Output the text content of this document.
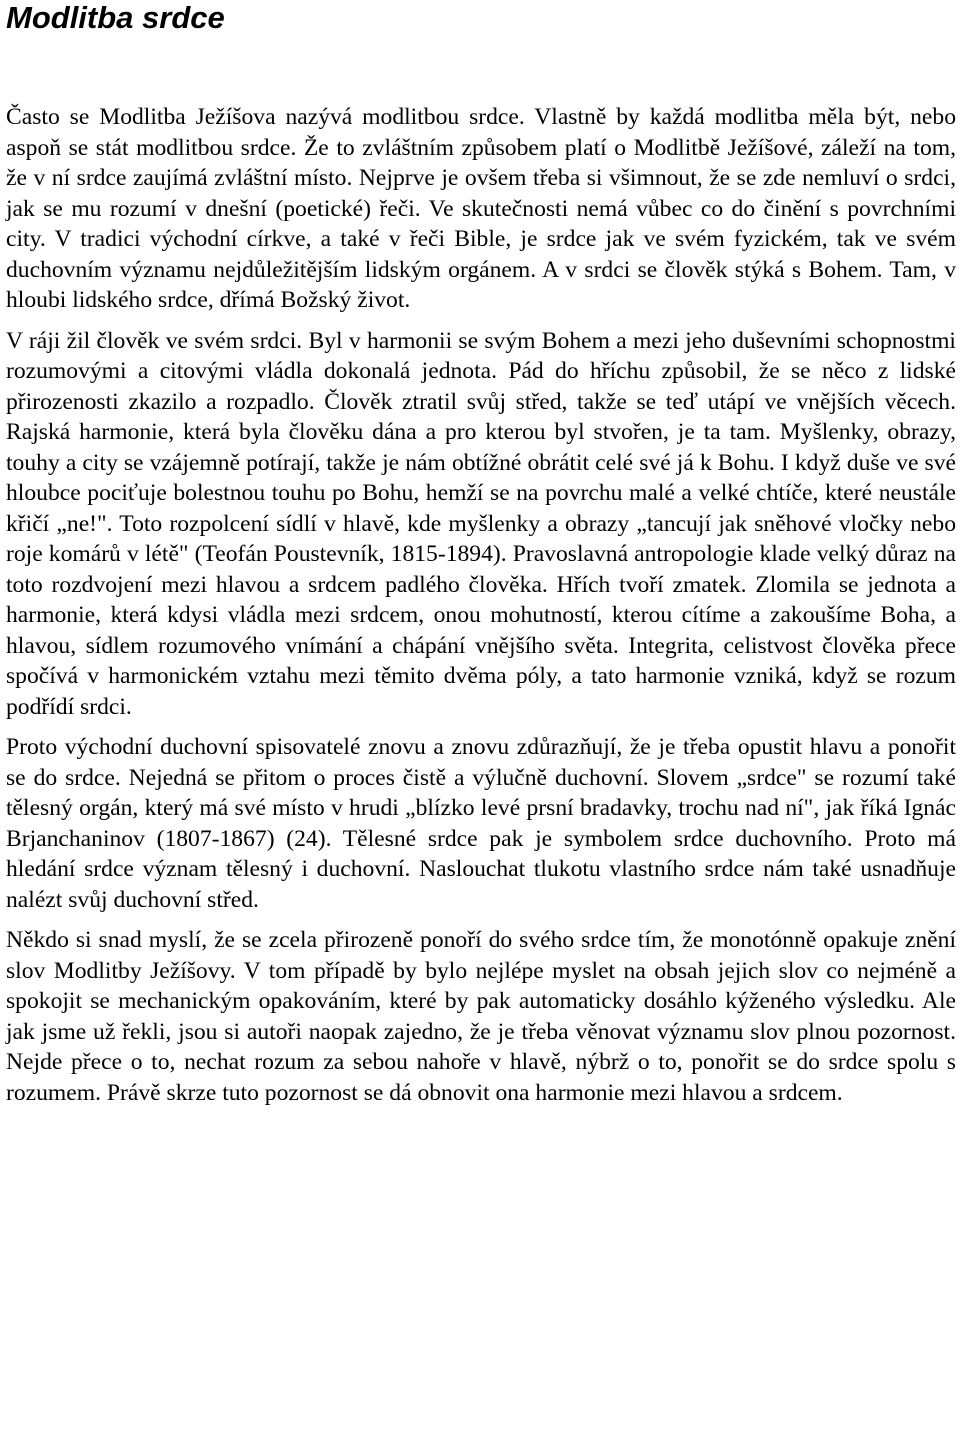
Modlitba srdce

Často se Modlitba Ježíšova nazývá modlitbou srdce. Vlastně by každá modlitba měla být, nebo aspoň se stát modlitbou srdce. Že to zvláštním způsobem platí o Modlitbě Ježíšové, záleží na tom, že v ní srdce zaujímá zvláštní místo. Nejprve je ovšem třeba si všimnout, že se zde nemluví o srdci, jak se mu rozumí v dnešní (poetické) řeči. Ve skutečnosti nemá vůbec co do činění s povrchními city. V tradici východní církve, a také v řeči Bible, je srdce jak ve svém fyzickém, tak ve svém duchovním významu nejdůležitějším lidským orgánem. A v srdci se člověk stýká s Bohem. Tam, v hloubi lidského srdce, dřímá Božský život.

V ráji žil člověk ve svém srdci. Byl v harmonii se svým Bohem a mezi jeho duševními schopnostmi rozumovými a citovými vládla dokonalá jednota. Pád do hříchu způsobil, že se něco z lidské přirozenosti zkazilo a rozpadlo. Člověk ztratil svůj střed, takže se teď utápí ve vnějších věcech. Rajská harmonie, která byla člověku dána a pro kterou byl stvořen, je ta tam. Myšlenky, obrazy, touhy a city se vzájemně potírají, takže je nám obtížné obrátit celé své já k Bohu. I když duše ve své hloubce pociťuje bolestnou touhu po Bohu, hemží se na povrchu malé a velké chtíče, které neustále křičí „ne!". Toto rozpolcení sídlí v hlavě, kde myšlenky a obrazy „tancují jak sněhové vločky nebo roje komárů v létě" (Teofán Poustevník, 1815-1894). Pravoslavná antropologie klade velký důraz na toto rozdvojení mezi hlavou a srdcem padlého člověka. Hřích tvoří zmatek. Zlomila se jednota a harmonie, která kdysi vládla mezi srdcem, onou mohutností, kterou cítíme a zakoušíme Boha, a hlavou, sídlem rozumového vnímání a chápání vnějšího světa. Integrita, celistvost člověka přece spočívá v harmonickém vztahu mezi těmito dvěma póly, a tato harmonie vzniká, když se rozum podřídí srdci.

Proto východní duchovní spisovatelé znovu a znovu zdůrazňují, že je třeba opustit hlavu a ponořit se do srdce. Nejedná se přitom o proces čistě a výlučně duchovní. Slovem „srdce" se rozumí také tělesný orgán, který má své místo v hrudi „blízko levé prsní bradavky, trochu nad ní", jak říká Ignác Brjanchaninov (1807-1867) (24). Tělesné srdce pak je symbolem srdce duchovního. Proto má hledání srdce význam tělesný i duchovní. Naslouchat tlukotu vlastního srdce nám také usnadňuje nalézt svůj duchovní střed.

Někdo si snad myslí, že se zcela přirozeně ponoří do svého srdce tím, že monotónně opakuje znění slov Modlitby Ježíšovy. V tom případě by bylo nejlépe myslet na obsah jejich slov co nejméně a spokojit se mechanickým opakováním, které by pak automaticky dosáhlo kýženého výsledku. Ale jak jsme už řekli, jsou si autoři naopak zajedno, že je třeba věnovat významu slov plnou pozornost. Nejde přece o to, nechat rozum za sebou nahoře v hlavě, nýbrž o to, ponořit se do srdce spolu s rozumem. Právě skrze tuto pozornost se dá obnovit ona harmonie mezi hlavou a srdcem.
